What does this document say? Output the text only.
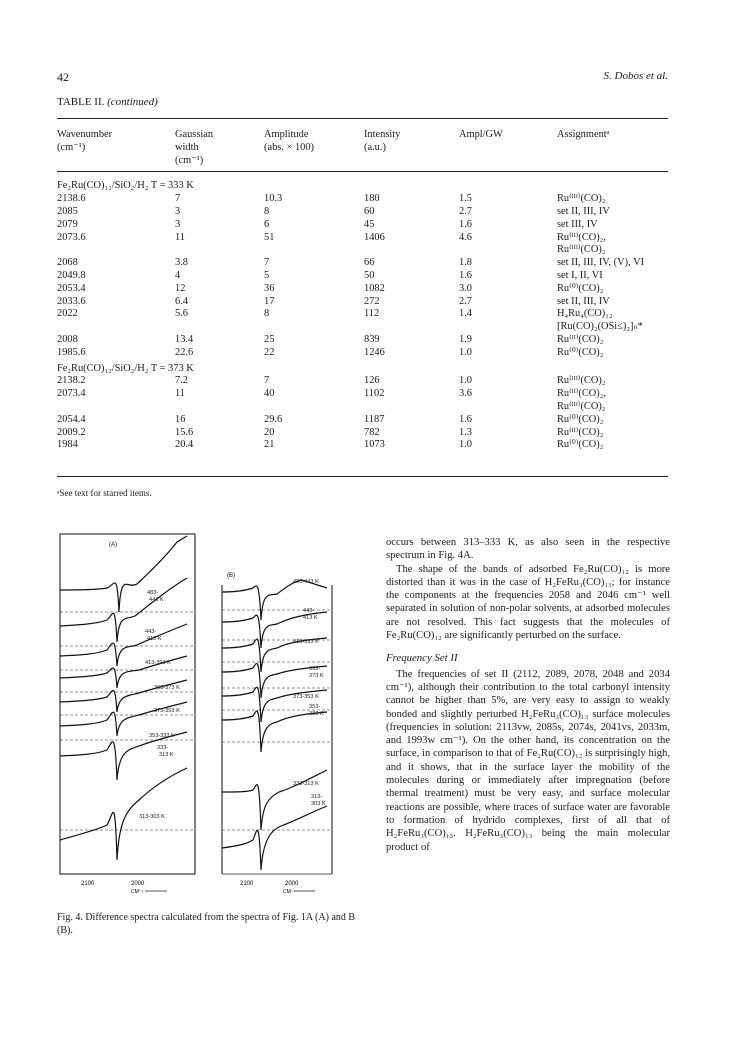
42	S. Dobos et al.
TABLE II. (continued)
Wavenumber	Gaussian	Amplitude	Intensity	Ampl/GW	Assignmentᵃ
(cm⁻¹)	width	(abs. × 100)	(a.u.)		
	(cm⁻¹)				

Fe₂Ru(CO)₁₂/SiO₂/H₂ T = 333 K					
2138.6	7	10.3	180	1.5	Ru⁽ᴵᴵᴵ⁾(CO)₂
2085	3	8	60	2.7	set II, III, IV
2079	3	6	45	1.6	set III, IV
2073.6	11	51	1406	4.6	Ru⁽ᴵᴵ⁾(CO)₂,
					Ru⁽ᴵᴵᴵ⁾(CO)₂
2068	3.8	7	66	1.8	set II, III, IV, (V), VI
2049.8	4	5	50	1.6	set I, II, VI
2053.4	12	36	1082	3.0	Ru⁽⁰⁾(CO)₂
2033.6	6.4	17	272	2.7	set II, III, IV
2022	5.6	8	112	1.4	H₄Ru₄(CO)₁₂
					[Ru(CO)₂(OSi≤)₂]ₙ*
2008	13.4	25	839	1.9	Ru⁽ᴵᴵ⁾(CO)₂
1985.6	22.6	22	1246	1.0	Ru⁽⁰⁾(CO)₂

Fe₂Ru(CO)₁₂/SiO₂/H₂ T = 373 K					
2138.2	7.2	7	126	1.0	Ru⁽ᴵᴵᴵ⁾(CO)₂
2073.4	11	40	1102	3.6	Ru⁽ᴵᴵ⁾(CO)₂,
					Ru⁽ᴵᴵᴵ⁾(CO)₂
2054.4	16	29.6	1187	1.6	Ru⁽⁰⁾(CO)₂
2009.2	15.6	20	782	1.3	Ru⁽ᴵᴵ⁾(CO)₂
1984	20.4	21	1073	1.0	Ru⁽⁰⁾(CO)₂
ᵃSee text for starred items.
(A)
483-
443 K
443-
413 K
413-393 K
393-373 K
373-353 K
353-333 K
333-
313 K
313-303 K
2100	2000
CM⁻¹
(B)
483-443 K
443-
413 K
413-393 K
393-
373 K
373-353 K
353-
333 K
333-313 K
313-
303 K
2100	2000
CM⁻¹
Fig. 4. Difference spectra calculated from the spectra of Fig. 1A (A) and B (B).

occurs between 313–333 K, as also seen in the respective spectrum in Fig. 4A.

The shape of the bands of adsorbed Fe₂Ru(CO)₁₂ is more distorted than it was in the case of H₂FeRu₃(CO)₁₃; for instance the components at the frequencies 2058 and 2046 cm⁻¹ well separated in solution of non-polar solvents, at adsorbed molecules are not resolved. This fact suggests that the molecules of Fe₂Ru(CO)₁₂ are significantly perturbed on the surface.

Frequency Set II

The frequencies of set II (2112, 2089, 2078, 2048 and 2034 cm⁻¹), although their contribution to the total carbonyl intensity cannot be higher than 5%, are very easy to assign to weakly bonded and slightly perturbed H₂FeRu₃(CO)₁₃ surface molecules (frequencies in solution: 2113vw, 2085s, 2074s, 2041vs, 2033m, and 1993w cm⁻¹). On the other hand, its concentration on the surface, in comparison to that of Fe₂Ru(CO)₁₂ is surprisingly high, and it shows, that in the surface layer the mobility of the molecules during or immediately after impregnation (before thermal treatment) must be very easy, and surface molecular reactions are possible, where traces of surface water are favorable to formation of hydrido complexes, first of all that of H₂FeRu₃(CO)₁₃. H₂FeRu₃(CO)₁₃ being the main molecular product of
